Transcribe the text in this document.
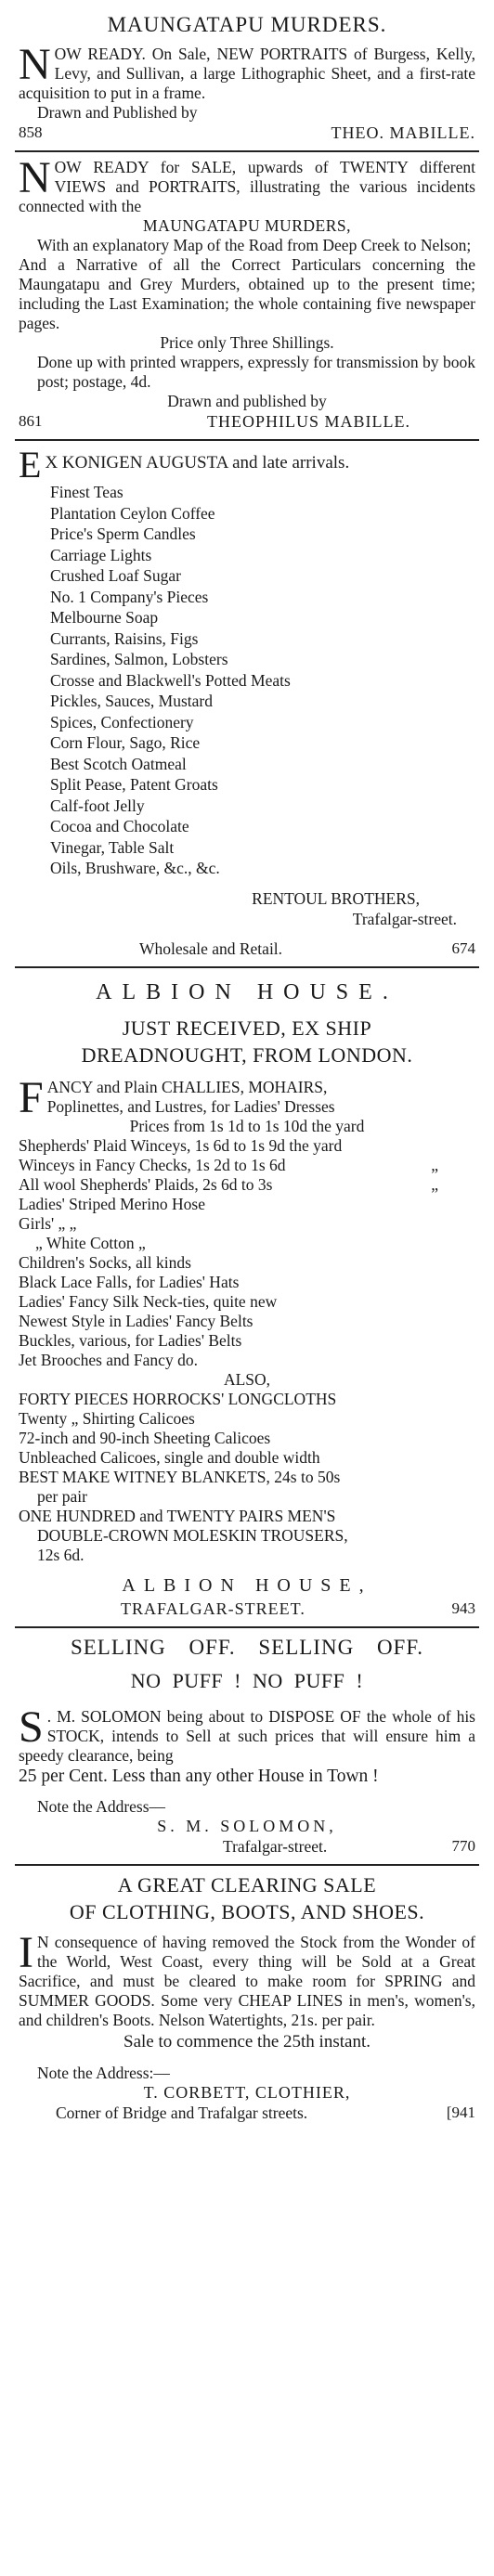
MAUNGATAPU MURDERS.
NOW READY. On Sale, NEW PORTRAITS of Burgess, Kelly, Levy, and Sullivan, a large Lithographic Sheet, and a first-rate acquisition to put in a frame.
Drawn and Published by
858	THEO. MABILLE.
NOW READY for SALE, upwards of TWENTY different VIEWS and PORTRAITS, illustrating the various incidents connected with the
MAUNGATAPU MURDERS,
With an explanatory Map of the Road from Deep Creek to Nelson;
And a Narrative of all the Correct Particulars concerning the Maungatapu and Grey Murders, obtained up to the present time; including the Last Examination; the whole containing five newspaper pages.
Price only Three Shillings.
Done up with printed wrappers, expressly for transmission by book post; postage, 4d.
Drawn and published by
861	THEOPHILUS MABILLE.
E X KONIGEN AUGUSTA and late arrivals.
Finest Teas
Plantation Ceylon Coffee
Price's Sperm Candles
Carriage Lights
Crushed Loaf Sugar
No. 1 Company's Pieces
Melbourne Soap
Currants, Raisins, Figs
Sardines, Salmon, Lobsters
Crosse and Blackwell's Potted Meats
Pickles, Sauces, Mustard
Spices, Confectionery
Corn Flour, Sago, Rice
Best Scotch Oatmeal
Split Pease, Patent Groats
Calf-foot Jelly
Cocoa and Chocolate
Vinegar, Table Salt
Oils, Brushware, &c., &c.
RENTOUL BROTHERS,
Trafalgar-street.
Wholesale and Retail.	674
ALBION HOUSE.
JUST RECEIVED, EX SHIP
DREADNOUGHT, FROM LONDON.
F ANCY and Plain CHALLIES, MOHAIRS,
Poplinettes, and Lustres, for Ladies' Dresses
Prices from 1s 1d to 1s 10d the yard
Shepherds' Plaid Winceys, 1s 6d to 1s 9d the yard
Winceys in Fancy Checks, 1s 2d to 1s 6d	„
All wool Shepherds' Plaids, 2s 6d to 3s	„
Ladies' Striped Merino Hose
Girls' „ „
„ White Cotton „
Children's Socks, all kinds
Black Lace Falls, for Ladies' Hats
Ladies' Fancy Silk Neck-ties, quite new
Newest Style in Ladies' Fancy Belts
Buckles, various, for Ladies' Belts
Jet Brooches and Fancy do.
ALSO,
FORTY PIECES HORROCKS' LONGCLOTHS
Twenty „ Shirting Calicoes
72-inch and 90-inch Sheeting Calicoes
Unbleached Calicoes, single and double width
BEST MAKE WITNEY BLANKETS, 24s to 50s
per pair
ONE HUNDRED and TWENTY PAIRS MEN'S
DOUBLE-CROWN MOLESKIN TROUSERS,
12s 6d.
ALBION HOUSE,
TRAFALGAR-STREET.	943
SELLING OFF. SELLING OFF.
NO PUFF ! NO PUFF !
S . M. SOLOMON being about to DISPOSE OF the whole of his STOCK, intends to Sell at such prices that will ensure him a speedy clearance, being
25 per Cent. Less than any other House in Town !
Note the Address—
S. M. SOLOMON,
Trafalgar-street.	770
A GREAT CLEARING SALE
OF CLOTHING, BOOTS, AND SHOES.
I N consequence of having removed the Stock from the Wonder of the World, West Coast, every thing will be Sold at a Great Sacrifice, and must be cleared to make room for SPRING and SUMMER GOODS. Some very CHEAP LINES in men's, women's, and children's Boots. Nelson Watertights, 21s. per pair.
Sale to commence the 25th instant.
Note the Address:—
T. CORBETT, CLOTHIER,
Corner of Bridge and Trafalgar streets.	[941
